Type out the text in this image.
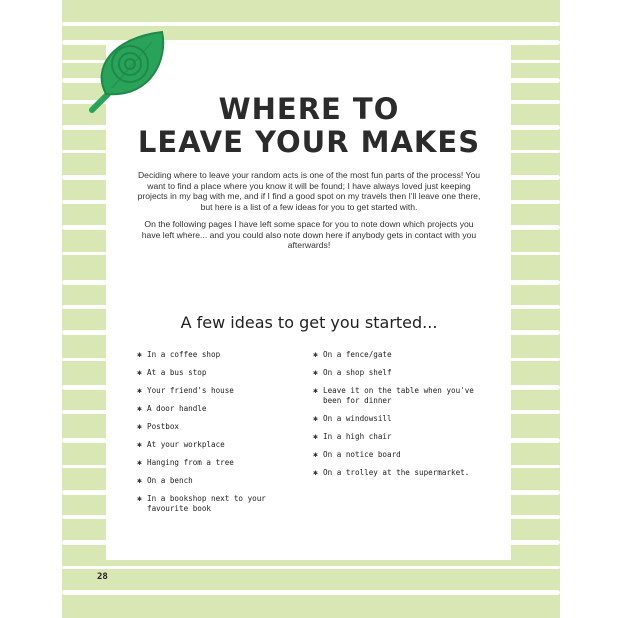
WHERE TO
LEAVE YOUR MAKES

Deciding where to leave your random acts is one of the most fun parts of the process! You want to find a place where you know it will be found; I have always loved just keeping projects in my bag with me, and if I find a good spot on my travels then I'll leave one there, but here is a list of a few ideas for you to get started with.

On the following pages I have left some space for you to note down which projects you have left where... and you could also note down here if anybody gets in contact with you afterwards!

A few ideas to get you started...
✱ In a coffee shop
✱ At a bus stop
✱ Your friend's house
✱ A door handle
✱ Postbox
✱ At your workplace
✱ Hanging from a tree
✱ On a bench
✱ In a bookshop next to your favourite book
✱ On a fence/gate
✱ On a shop shelf
✱ Leave it on the table when you've been for dinner
✱ On a windowsill
✱ In a high chair
✱ On a notice board
✱ On a trolley at the supermarket.
28
